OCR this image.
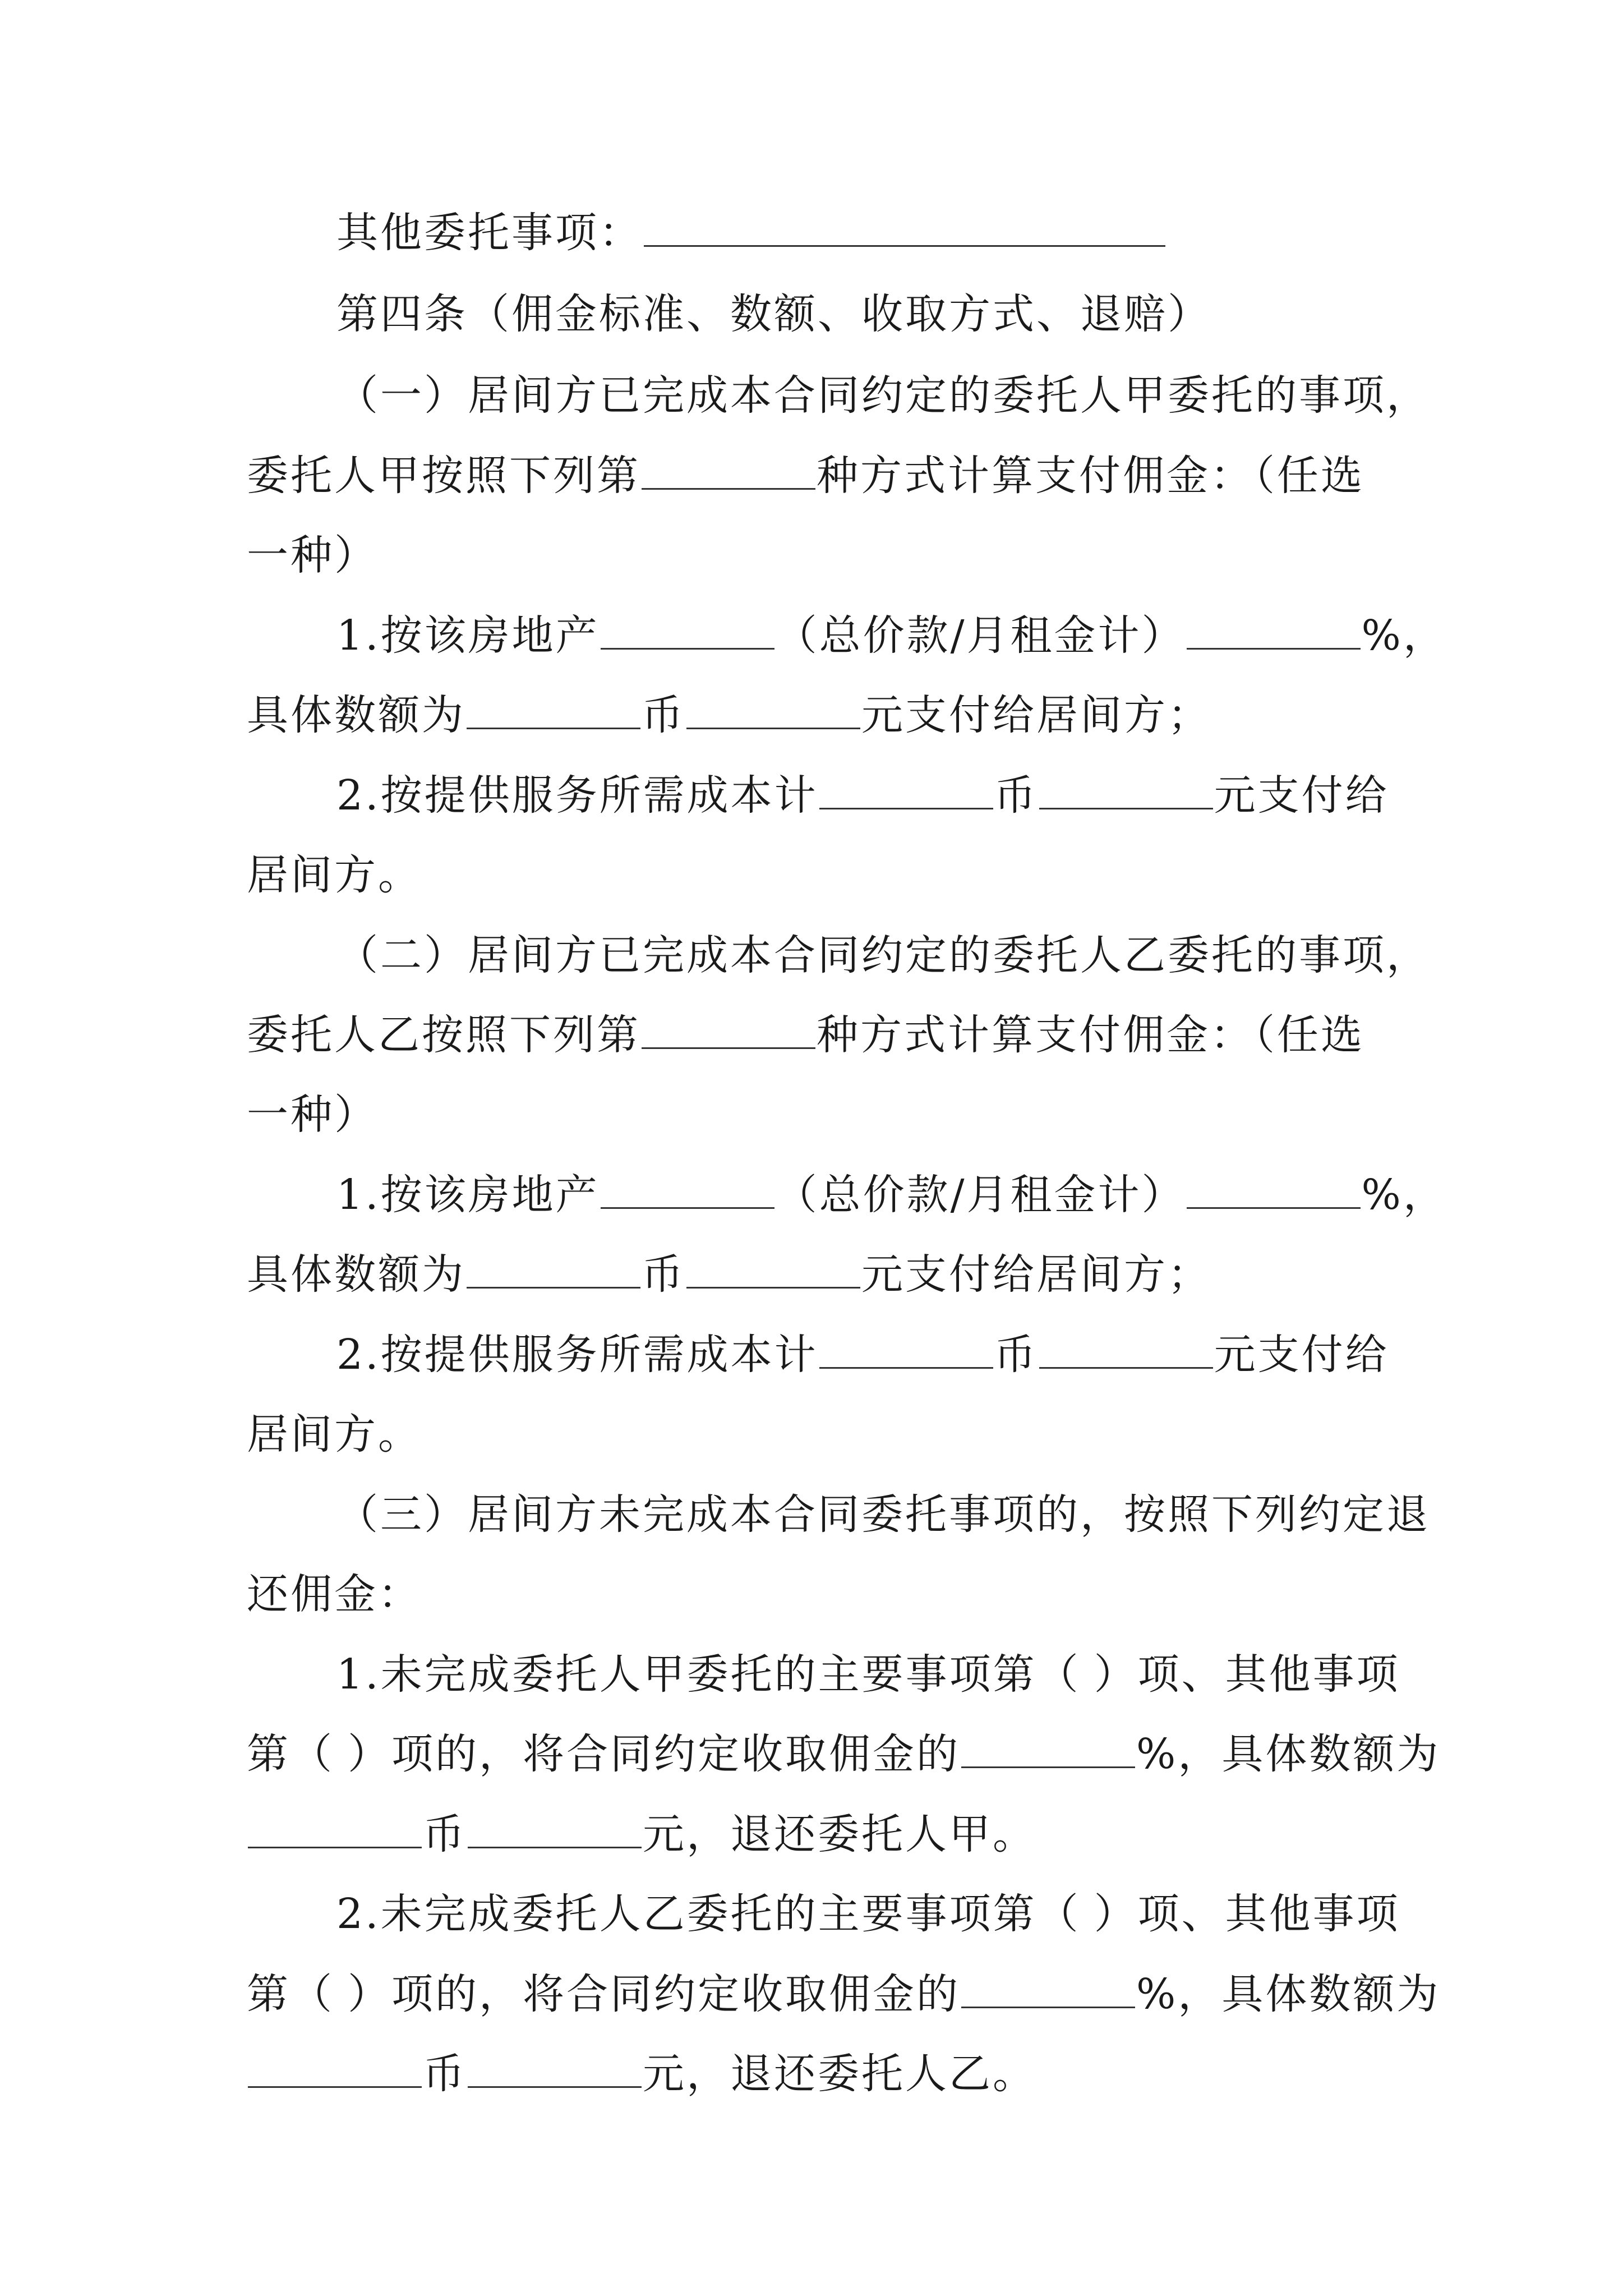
其他委托事项：
第四条（佣金标准、数额、收取方式、退赔）
（一）居间方已完成本合同约定的委托人甲委托的事项，
委托人甲按照下列第	种方式计算支付佣金：（任选
一种）
1.按该房地产	（总价款/月租金计）	%，
具体数额为	币	元支付给居间方；
2.按提供服务所需成本计	币	元支付给
居间方。
（二）居间方已完成本合同约定的委托人乙委托的事项，
委托人乙按照下列第	种方式计算支付佣金：（任选
一种）
1.按该房地产	（总价款/月租金计）	%，
具体数额为	币	元支付给居间方；
2.按提供服务所需成本计	币	元支付给
居间方。
（三）居间方未完成本合同委托事项的，按照下列约定退
还佣金：
1.未完成委托人甲委托的主要事项第（ ）项、其他事项
第（ ）项的，将合同约定收取佣金的	%，具体数额为
币	元，退还委托人甲。
2.未完成委托人乙委托的主要事项第（ ）项、其他事项
第（ ）项的，将合同约定收取佣金的	%，具体数额为
币	元，退还委托人乙。
